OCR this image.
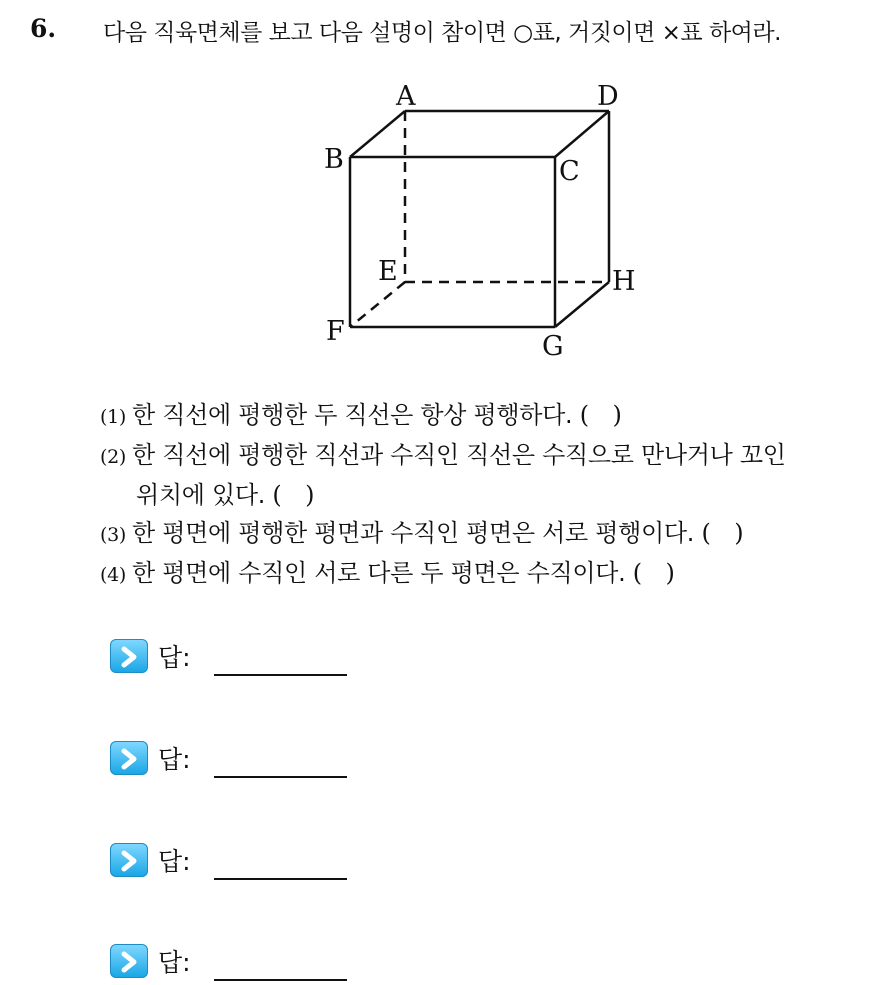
6. 다음 직육면체를 보고 다음 설명이 참이면 ○표, 거짓이면 ×표 하여라.
A	D
B	C
E	H
F	G
(1) 한 직선에 평행한 두 직선은 항상 평행하다. (　)
(2) 한 직선에 평행한 직선과 수직인 직선은 수직으로 만나거나 꼬인
위치에 있다. (　)
(3) 한 평면에 평행한 평면과 수직인 평면은 서로 평행이다. (　)
(4) 한 평면에 수직인 서로 다른 두 평면은 수직이다. (　)
답:
답:
답:
답:
